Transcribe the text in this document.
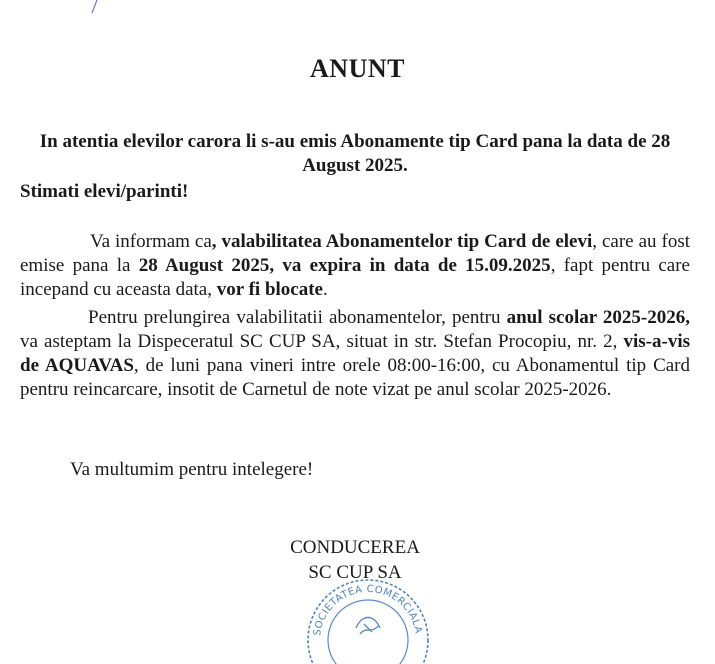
ANUNT
In atentia elevilor carora li s-au emis Abonamente tip Card pana la data de 28 August 2025.
Stimati elevi/parinti!

Va informam ca, valabilitatea Abonamentelor tip Card de elevi, care au fost emise pana la 28 August 2025, va expira in data de 15.09.2025, fapt pentru care incepand cu aceasta data, vor fi blocate.

Pentru prelungirea valabilitatii abonamentelor, pentru anul scolar 2025-2026, va asteptam la Dispeceratul SC CUP SA, situat in str. Stefan Procopiu, nr. 2, vis-a-vis de AQUAVAS, de luni pana vineri intre orele 08:00-16:00, cu Abonamentul tip Card pentru reincarcare, insotit de Carnetul de note vizat pe anul scolar 2025-2026.

Va multumim pentru intelegere!
CONDUCEREA
SC CUP SA
SOCIETATEA COMERCIALA
